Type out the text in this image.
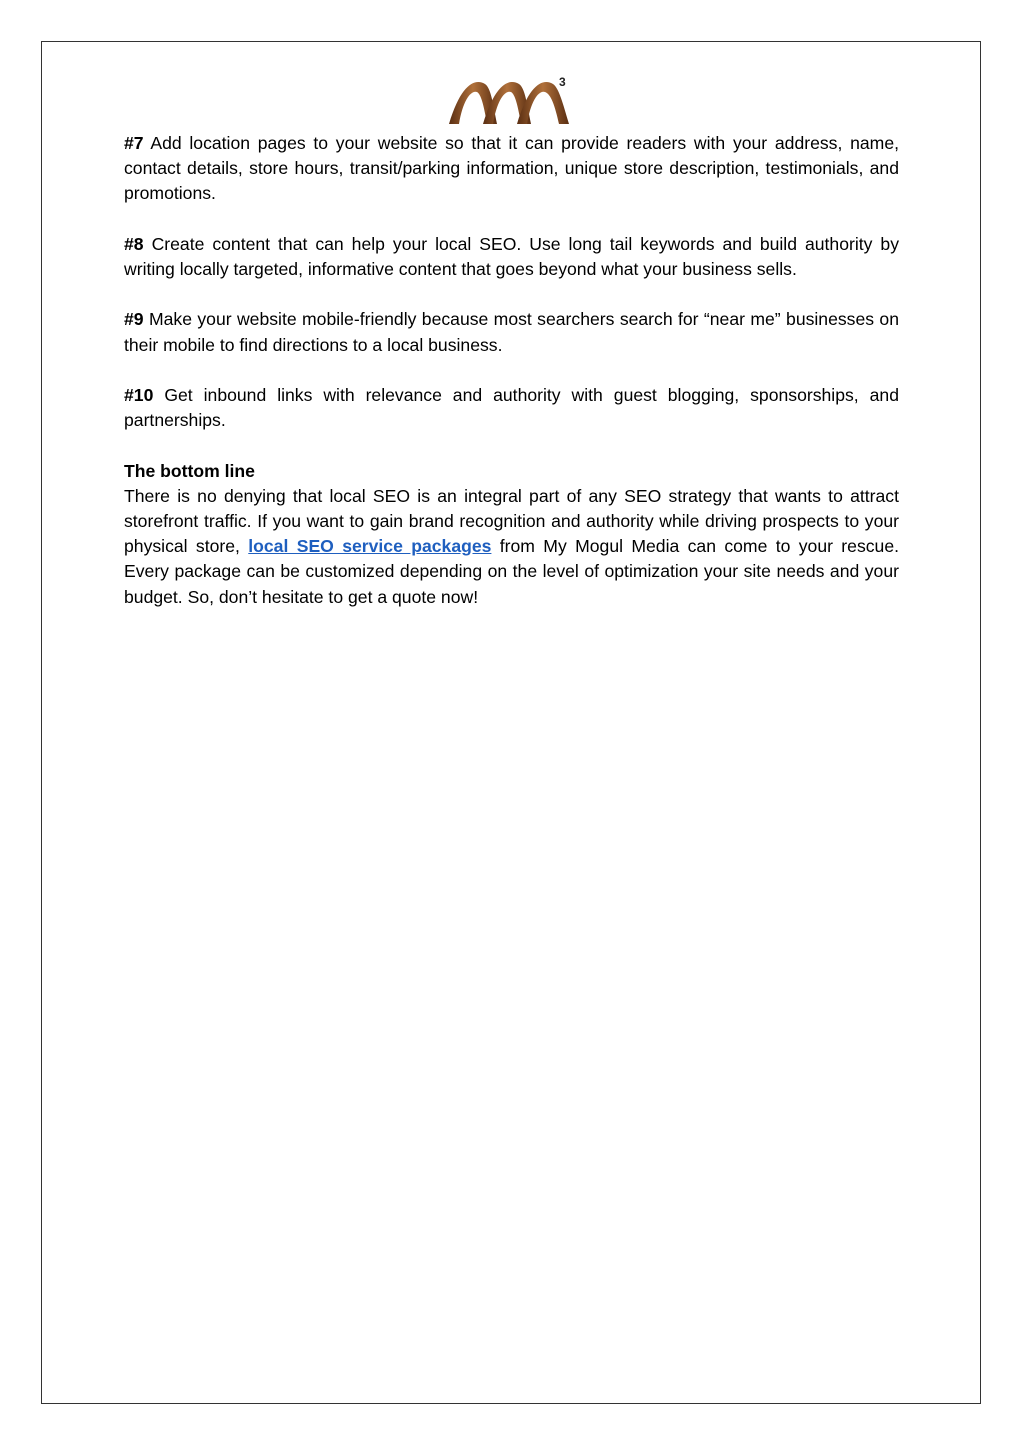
3

#7 Add location pages to your website so that it can provide readers with your address, name, contact details, store hours, transit/parking information, unique store description, testimonials, and promotions.

#8 Create content that can help your local SEO. Use long tail keywords and build authority by writing locally targeted, informative content that goes beyond what your business sells.

#9 Make your website mobile-friendly because most searchers search for “near me” businesses on their mobile to find directions to a local business.

#10 Get inbound links with relevance and authority with guest blogging, sponsorships, and partnerships.

The bottom line

There is no denying that local SEO is an integral part of any SEO strategy that wants to attract storefront traffic. If you want to gain brand recognition and authority while driving prospects to your physical store, local SEO service packages from My Mogul Media can come to your rescue. Every package can be customized depending on the level of optimization your site needs and your budget. So, don’t hesitate to get a quote now!
